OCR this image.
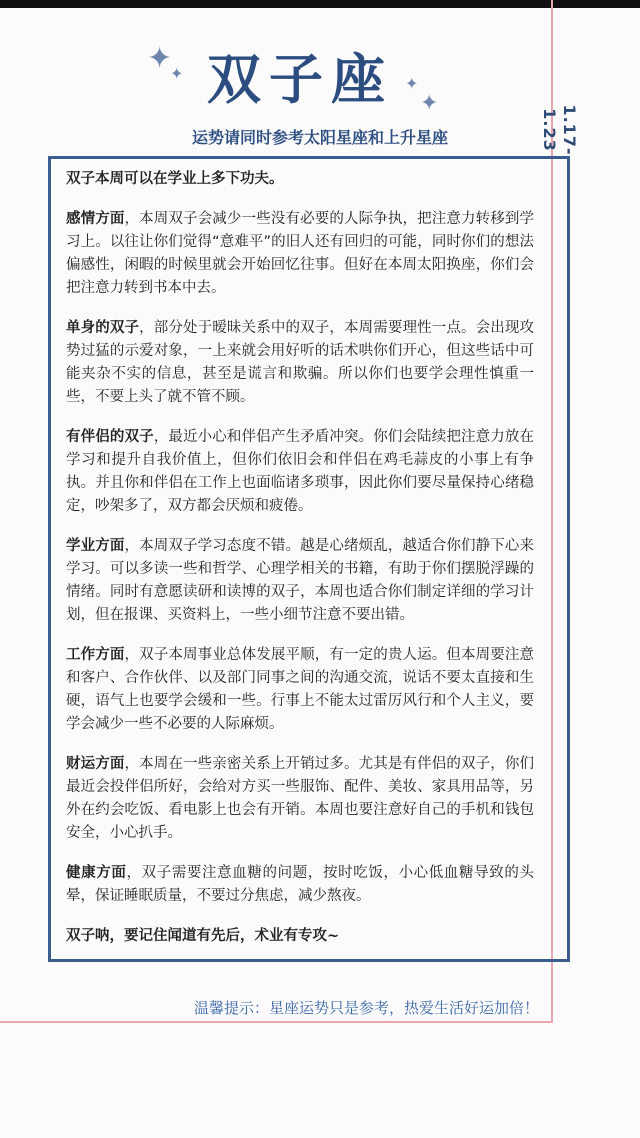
✦
✦
✦
✦
双子座
1.17-1.23
运势请同时参考太阳星座和上升星座

双子本周可以在学业上多下功夫。

感情方面，本周双子会减少一些没有必要的人际争执，把注意力转移到学习上。以往让你们觉得“意难平”的旧人还有回归的可能，同时你们的想法偏感性，闲暇的时候里就会开始回忆往事。但好在本周太阳换座，你们会把注意力转到书本中去。

单身的双子，部分处于暧昧关系中的双子，本周需要理性一点。会出现攻势过猛的示爱对象，一上来就会用好听的话术哄你们开心，但这些话中可能夹杂不实的信息，甚至是谎言和欺骗。所以你们也要学会理性慎重一些，不要上头了就不管不顾。

有伴侣的双子，最近小心和伴侣产生矛盾冲突。你们会陆续把注意力放在学习和提升自我价值上，但你们依旧会和伴侣在鸡毛蒜皮的小事上有争执。并且你和伴侣在工作上也面临诸多琐事，因此你们要尽量保持心绪稳定，吵架多了，双方都会厌烦和疲倦。

学业方面，本周双子学习态度不错。越是心绪烦乱，越适合你们静下心来学习。可以多读一些和哲学、心理学相关的书籍，有助于你们摆脱浮躁的情绪。同时有意愿读研和读博的双子，本周也适合你们制定详细的学习计划，但在报课、买资料上，一些小细节注意不要出错。

工作方面，双子本周事业总体发展平顺，有一定的贵人运。但本周要注意和客户、合作伙伴、以及部门同事之间的沟通交流，说话不要太直接和生硬，语气上也要学会缓和一些。行事上不能太过雷厉风行和个人主义，要学会减少一些不必要的人际麻烦。

财运方面，本周在一些亲密关系上开销过多。尤其是有伴侣的双子，你们最近会投伴侣所好，会给对方买一些服饰、配件、美妆、家具用品等，另外在约会吃饭、看电影上也会有开销。本周也要注意好自己的手机和钱包安全，小心扒手。

健康方面，双子需要注意血糖的问题，按时吃饭，小心低血糖导致的头晕，保证睡眠质量，不要过分焦虑，减少熬夜。

双子呐，要记住闻道有先后，术业有专攻~

温馨提示：星座运势只是参考，热爱生活好运加倍！
